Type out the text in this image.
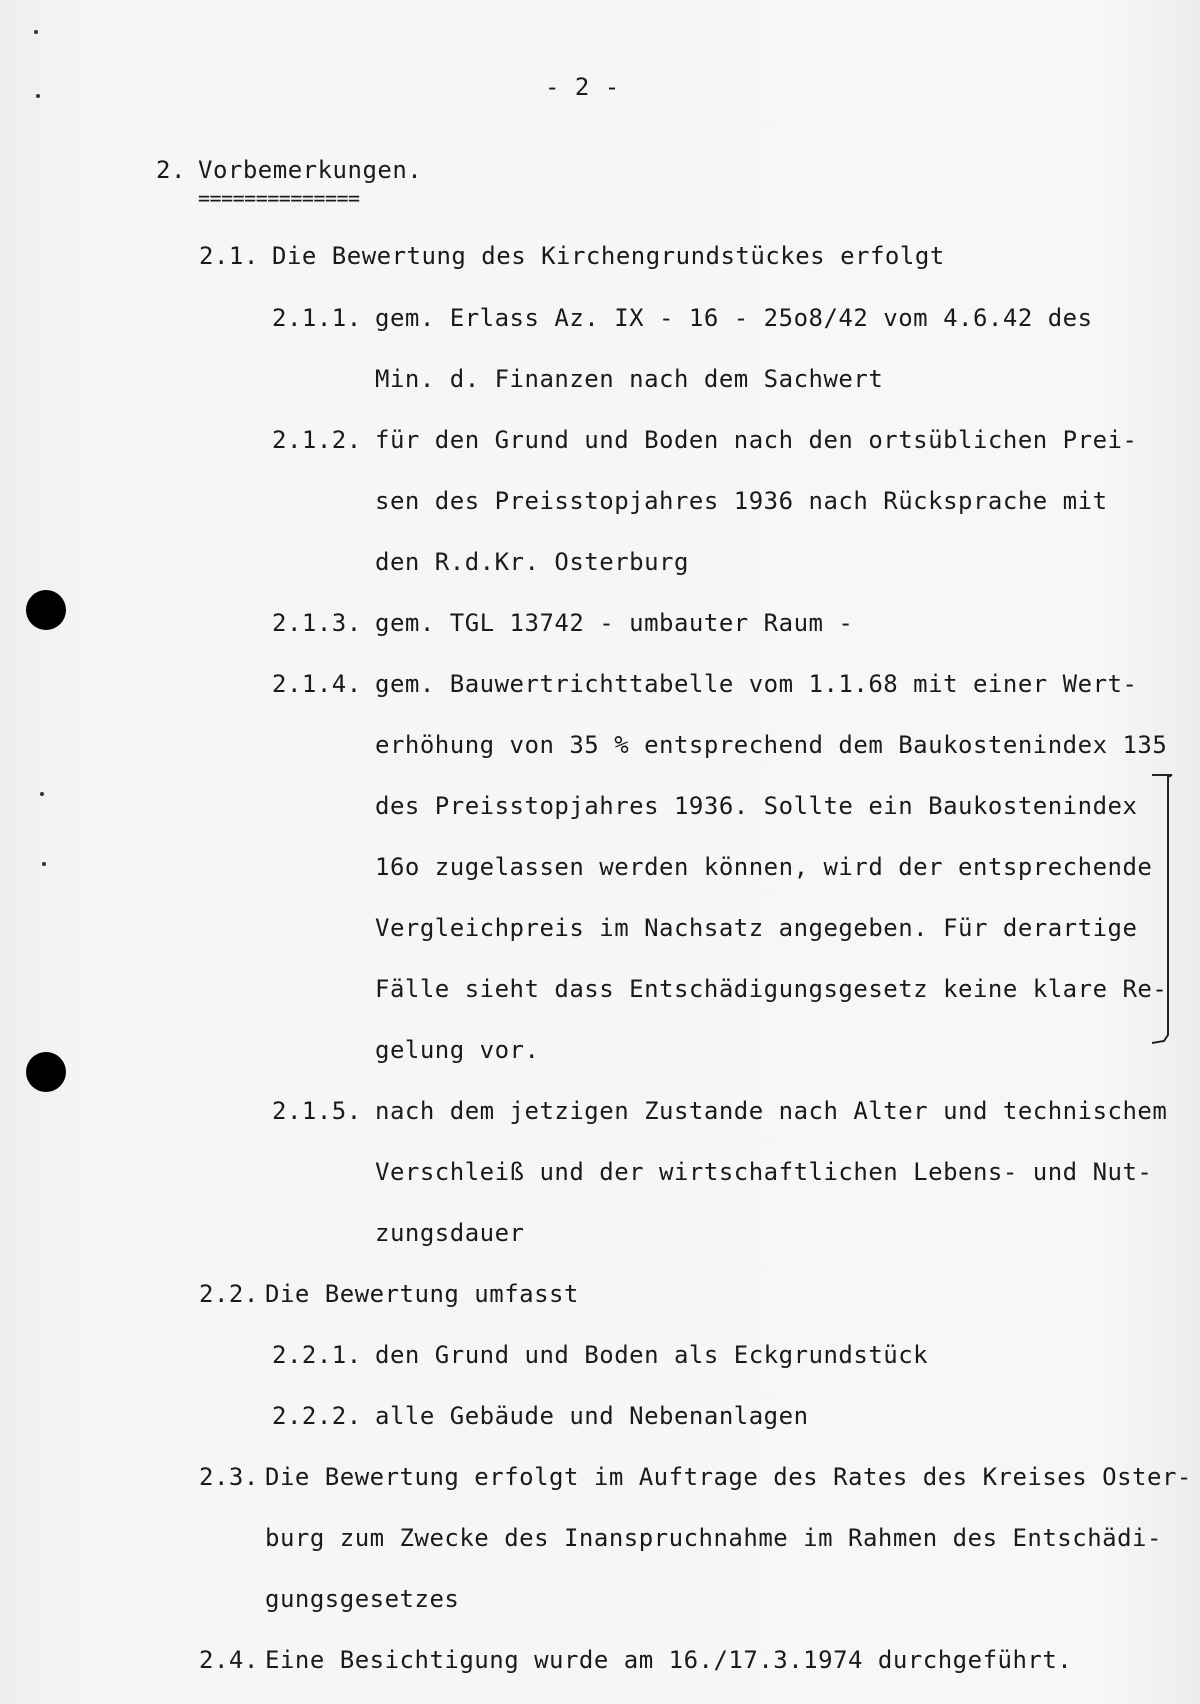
- 2 -
2. Vorbemerkungen.
==============
2.1. Die Bewertung des Kirchengrundstückes erfolgt
2.1.1. gem. Erlass Az. IX - 16 - 25o8/42 vom 4.6.42 des
Min. d. Finanzen nach dem Sachwert
2.1.2. für den Grund und Boden nach den ortsüblichen Prei-
sen des Preisstopjahres 1936 nach Rücksprache mit
den R.d.Kr. Osterburg
2.1.3. gem. TGL 13742 - umbauter Raum -
2.1.4. gem. Bauwertrichttabelle vom 1.1.68 mit einer Wert-
erhöhung von 35 % entsprechend dem Baukostenindex 135
des Preisstopjahres 1936. Sollte ein Baukostenindex
16o zugelassen werden können, wird der entsprechende
Vergleichpreis im Nachsatz angegeben. Für derartige
Fälle sieht dass Entschädigungsgesetz keine klare Re-
gelung vor.
2.1.5. nach dem jetzigen Zustande nach Alter und technischem
Verschleiß und der wirtschaftlichen Lebens- und Nut-
zungsdauer
2.2. Die Bewertung umfasst
2.2.1. den Grund und Boden als Eckgrundstück
2.2.2. alle Gebäude und Nebenanlagen
2.3. Die Bewertung erfolgt im Auftrage des Rates des Kreises Oster-
burg zum Zwecke des Inanspruchnahme im Rahmen des Entschädi-
gungsgesetzes
2.4. Eine Besichtigung wurde am 16./17.3.1974 durchgeführt.
